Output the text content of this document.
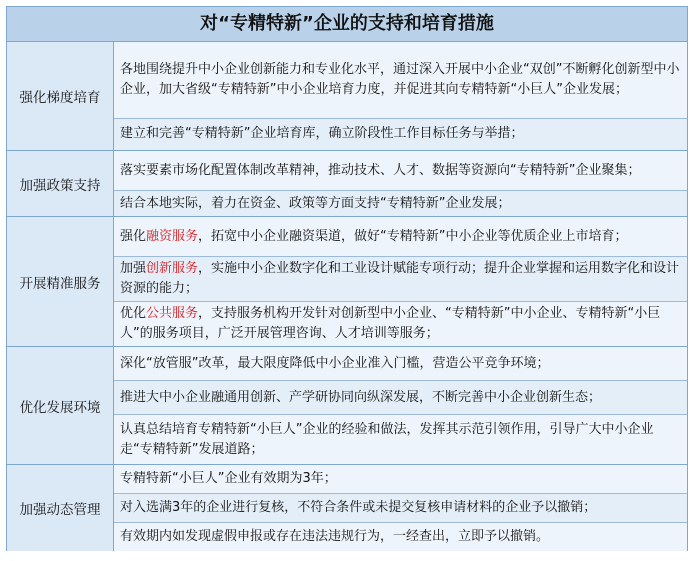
对“专精特新”企业的支持和培育措施
强化梯度培育

各地围绕提升中小企业创新能力和专业化水平，通过深入开展中小企业“双创”不断孵化创新型中小企业，加大省级“专精特新”中小企业培育力度，并促进其向专精特新“小巨人”企业发展；

建立和完善“专精特新”企业培育库，确立阶段性工作目标任务与举措；

加强政策支持

落实要素市场化配置体制改革精神，推动技术、人才、数据等资源向“专精特新”企业聚集；

结合本地实际，着力在资金、政策等方面支持“专精特新”企业发展；

开展精准服务

强化融资服务，拓宽中小企业融资渠道，做好“专精特新”中小企业等优质企业上市培育；

加强创新服务，实施中小企业数字化和工业设计赋能专项行动；提升企业掌握和运用数字化和设计资源的能力；

优化公共服务，支持服务机构开发针对创新型中小企业、“专精特新”中小企业、专精特新“小巨人”的服务项目，广泛开展管理咨询、人才培训等服务；

优化发展环境

深化“放管服”改革，最大限度降低中小企业准入门槛，营造公平竞争环境；

推进大中小企业融通用创新、产学研协同向纵深发展，不断完善中小企业创新生态；

认真总结培育专精特新“小巨人”企业的经验和做法，发挥其示范引领作用，引导广大中小企业走“专精特新”发展道路；

加强动态管理

专精特新“小巨人”企业有效期为3年；

对入选满3年的企业进行复核，不符合条件或未提交复核申请材料的企业予以撤销；

有效期内如发现虚假申报或存在违法违规行为，一经查出，立即予以撤销。
